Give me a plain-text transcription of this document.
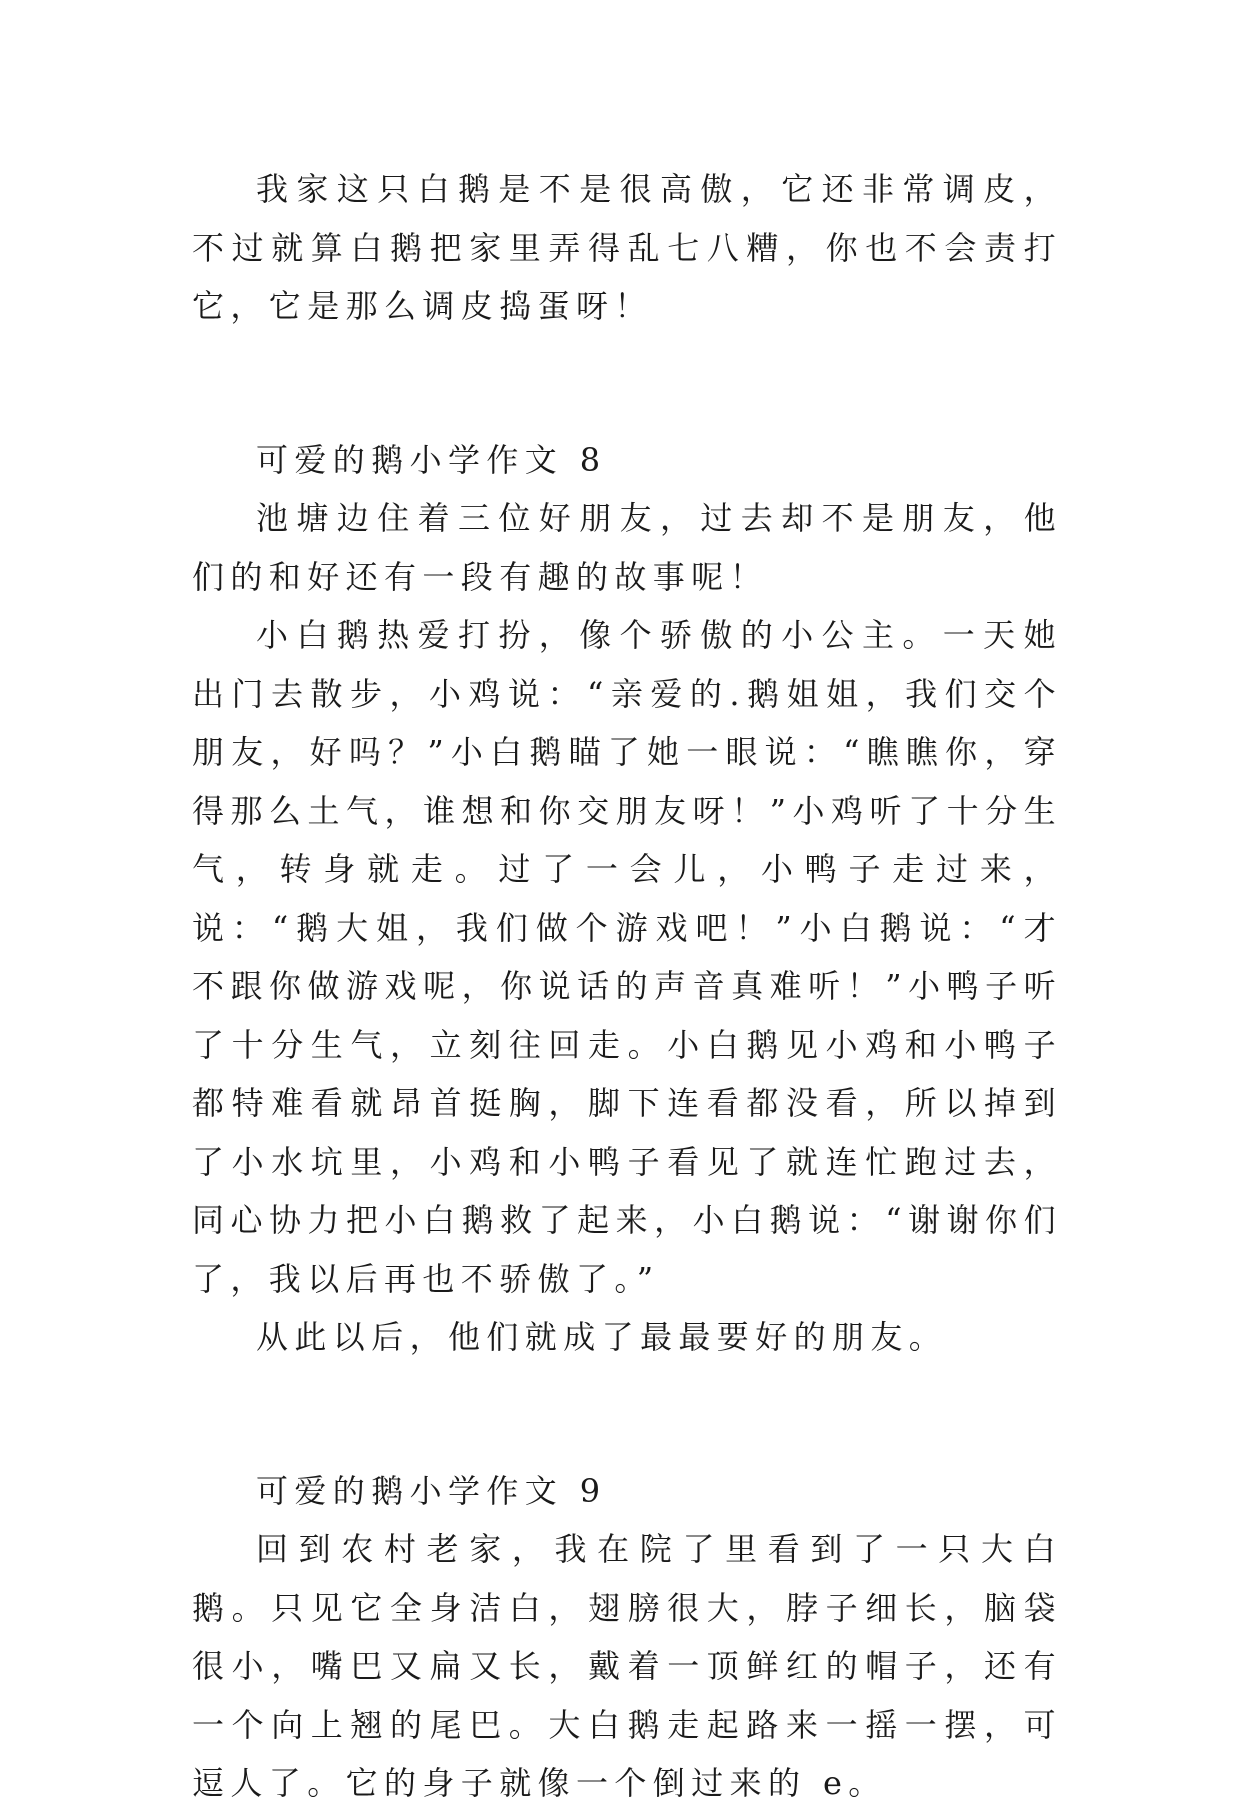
我家这只白鹅是不是很高傲，它还非常调皮，不过就算白鹅把家里弄得乱七八糟，你也不会责打它，它是那么调皮捣蛋呀！

可爱的鹅小学作文 8

池塘边住着三位好朋友，过去却不是朋友，他们的和好还有一段有趣的故事呢！

小白鹅热爱打扮，像个骄傲的小公主。一天她出门去散步，小鸡说：“亲爱的.鹅姐姐，我们交个朋友，好吗？”小白鹅瞄了她一眼说：“瞧瞧你，穿得那么土气，谁想和你交朋友呀！”小鸡听了十分生气，转身就走。过了一会儿，小鸭子走过来，说：“鹅大姐，我们做个游戏吧！”小白鹅说：“才不跟你做游戏呢，你说话的声音真难听！”小鸭子听了十分生气，立刻往回走。小白鹅见小鸡和小鸭子都特难看就昂首挺胸，脚下连看都没看，所以掉到了小水坑里，小鸡和小鸭子看见了就连忙跑过去，同心协力把小白鹅救了起来，小白鹅说：“谢谢你们了，我以后再也不骄傲了。”

从此以后，他们就成了最最要好的朋友。

可爱的鹅小学作文 9

回到农村老家，我在院了里看到了一只大白鹅。只见它全身洁白，翅膀很大，脖子细长，脑袋很小，嘴巴又扁又长，戴着一顶鲜红的帽子，还有一个向上翘的尾巴。大白鹅走起路来一摇一摆，可逗人了。它的身子就像一个倒过来的 e。
